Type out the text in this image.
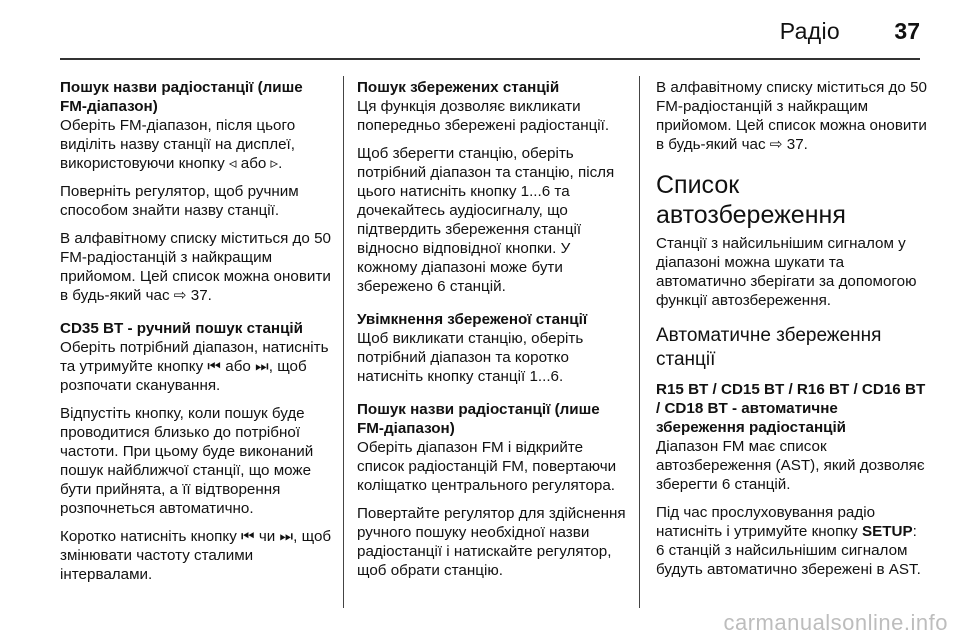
Радіо 37

Пошук назви радіостанції (лише FM-діапазон)

Оберіть FM-діапазон, після цього виділіть назву станції на дисплеї, використовуючи кнопку ◃ або ▹.

Поверніть регулятор, щоб ручним способом знайти назву станції.

В алфавітному списку міститься до 50 FM-радіостанцій з найкращим прийомом. Цей список можна оновити в будь-який час ⇨ 37.

CD35 BT - ручний пошук станцій

Оберіть потрібний діапазон, натисніть та утримуйте кнопку ⏮ або ⏭, щоб розпочати сканування.

Відпустіть кнопку, коли пошук буде проводитися близько до потрібної частоти. При цьому буде виконаний пошук найближчої станції, що може бути прийнята, а її відтворення розпочнеться автоматично.

Коротко натисніть кнопку ⏮ чи ⏭, щоб змінювати частоту сталими інтервалами.

Пошук збережених станцій

Ця функція дозволяє викликати попередньо збережені радіостанції.

Щоб зберегти станцію, оберіть потрібний діапазон та станцію, після цього натисніть кнопку 1...6 та дочекайтесь аудіосигналу, що підтвердить збереження станції відносно відповідної кнопки. У кожному діапазоні може бути збережено 6 станцій.

Увімкнення збереженої станції

Щоб викликати станцію, оберіть потрібний діапазон та коротко натисніть кнопку станції 1...6.

Пошук назви радіостанції (лише FM-діапазон)

Оберіть діапазон FM і відкрийте список радіостанцій FM, повертаючи коліщатко центрального регулятора.

Повертайте регулятор для здійснення ручного пошуку необхідної назви радіостанції і натискайте регулятор, щоб обрати станцію.

В алфавітному списку міститься до 50 FM-радіостанцій з найкращим прийомом. Цей список можна оновити в будь-який час ⇨ 37.

Список автозбереження

Станції з найсильнішим сигналом у діапазоні можна шукати та автоматично зберігати за допомогою функції автозбереження.

Автоматичне збереження станції

R15 BT / CD15 BT / R16 BT / CD16 BT / CD18 BT - автоматичне збереження радіостанцій

Діапазон FM має список автозбереження (AST), який дозволяє зберегти 6 станцій.

Під час прослуховування радіо натисніть і утримуйте кнопку SETUP: 6 станцій з найсильнішим сигналом будуть автоматично збережені в AST.

carmanualsonline.info
